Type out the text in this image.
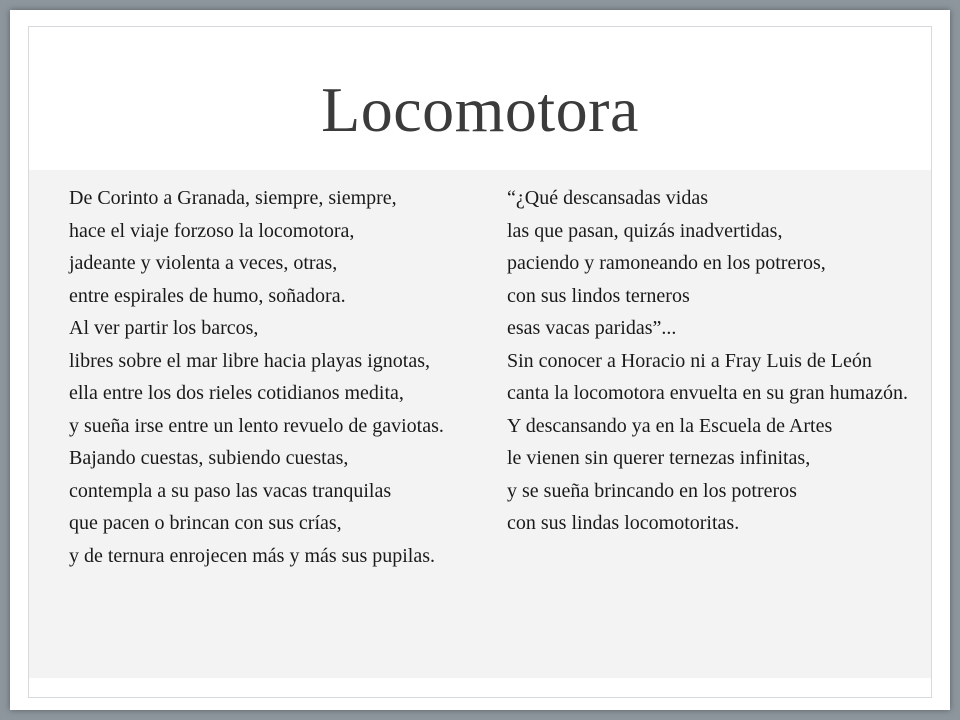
Locomotora

De Corinto a Granada, siempre, siempre,

hace el viaje forzoso la locomotora,

jadeante y violenta a veces, otras,

entre espirales de humo, soñadora.

Al ver partir los barcos,

libres sobre el mar libre hacia playas ignotas,

ella entre los dos rieles cotidianos medita,

y sueña irse entre un lento revuelo de gaviotas.

Bajando cuestas, subiendo cuestas,

contempla a su paso las vacas tranquilas

que pacen o brincan con sus crías,

y de ternura enrojecen más y más sus pupilas.

“¿Qué descansadas vidas

las que pasan, quizás inadvertidas,

paciendo y ramoneando en los potreros,

con sus lindos terneros

esas vacas paridas”...

Sin conocer a Horacio ni a Fray Luis de León

canta la locomotora envuelta en su gran humazón.

Y descansando ya en la Escuela de Artes

le vienen sin querer ternezas infinitas,

y se sueña brincando en los potreros

con sus lindas locomotoritas.
